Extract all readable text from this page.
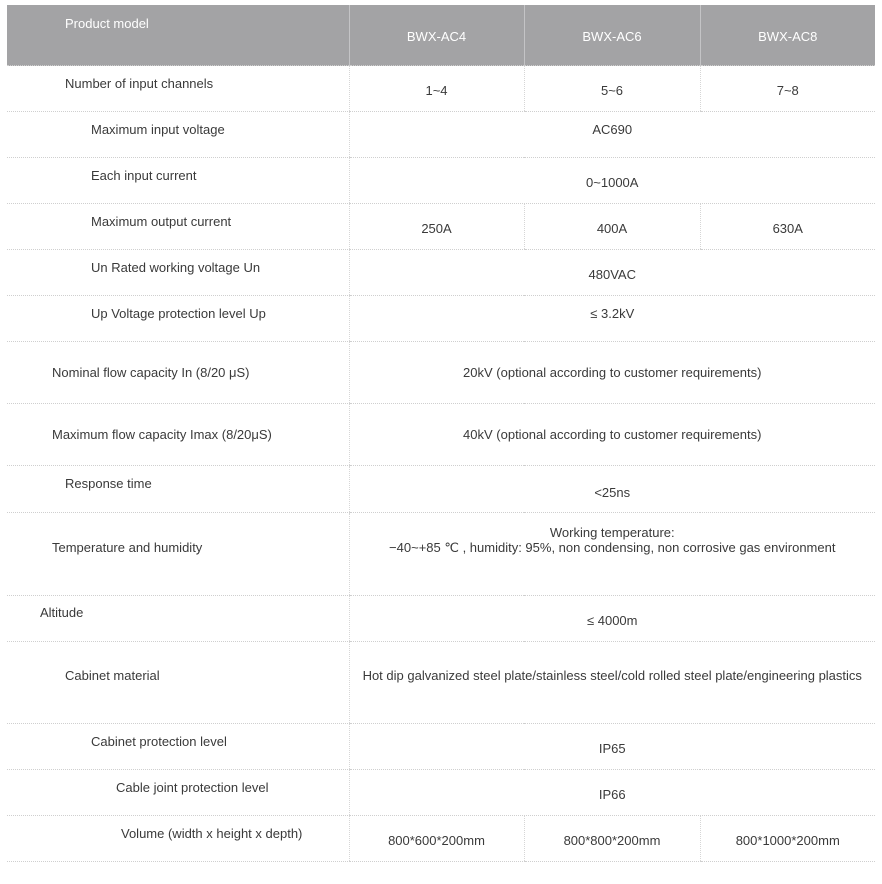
Product model	BWX-AC4	BWX-AC6	BWX-AC8
Number of input channels	1~4	5~6	7~8
Maximum input voltage	AC690		
Each input current	0~1000A		
Maximum output current	250A	400A	630A
Un Rated working voltage Un	480VAC		
Up Voltage protection level Up	≤ 3.2kV		
Nominal flow capacity In (8/20 μS)	20kV (optional according to customer requirements)		
Maximum flow capacity Imax (8/20μS)	40kV (optional according to customer requirements)		
Response time	<25ns		
Temperature and humidity	Working temperature:
−40~+85 ℃ , humidity: 95%, non condensing, non corrosive gas environment		

Altitude	≤ 4000m		
Cabinet material	Hot dip galvanized steel plate/stainless steel/cold rolled steel plate/engineering plastics		
Cabinet protection level	IP65		
Cable joint protection level	IP66		
Volume (width x height x depth)	800*600*200mm	800*800*200mm	800*1000*200mm
